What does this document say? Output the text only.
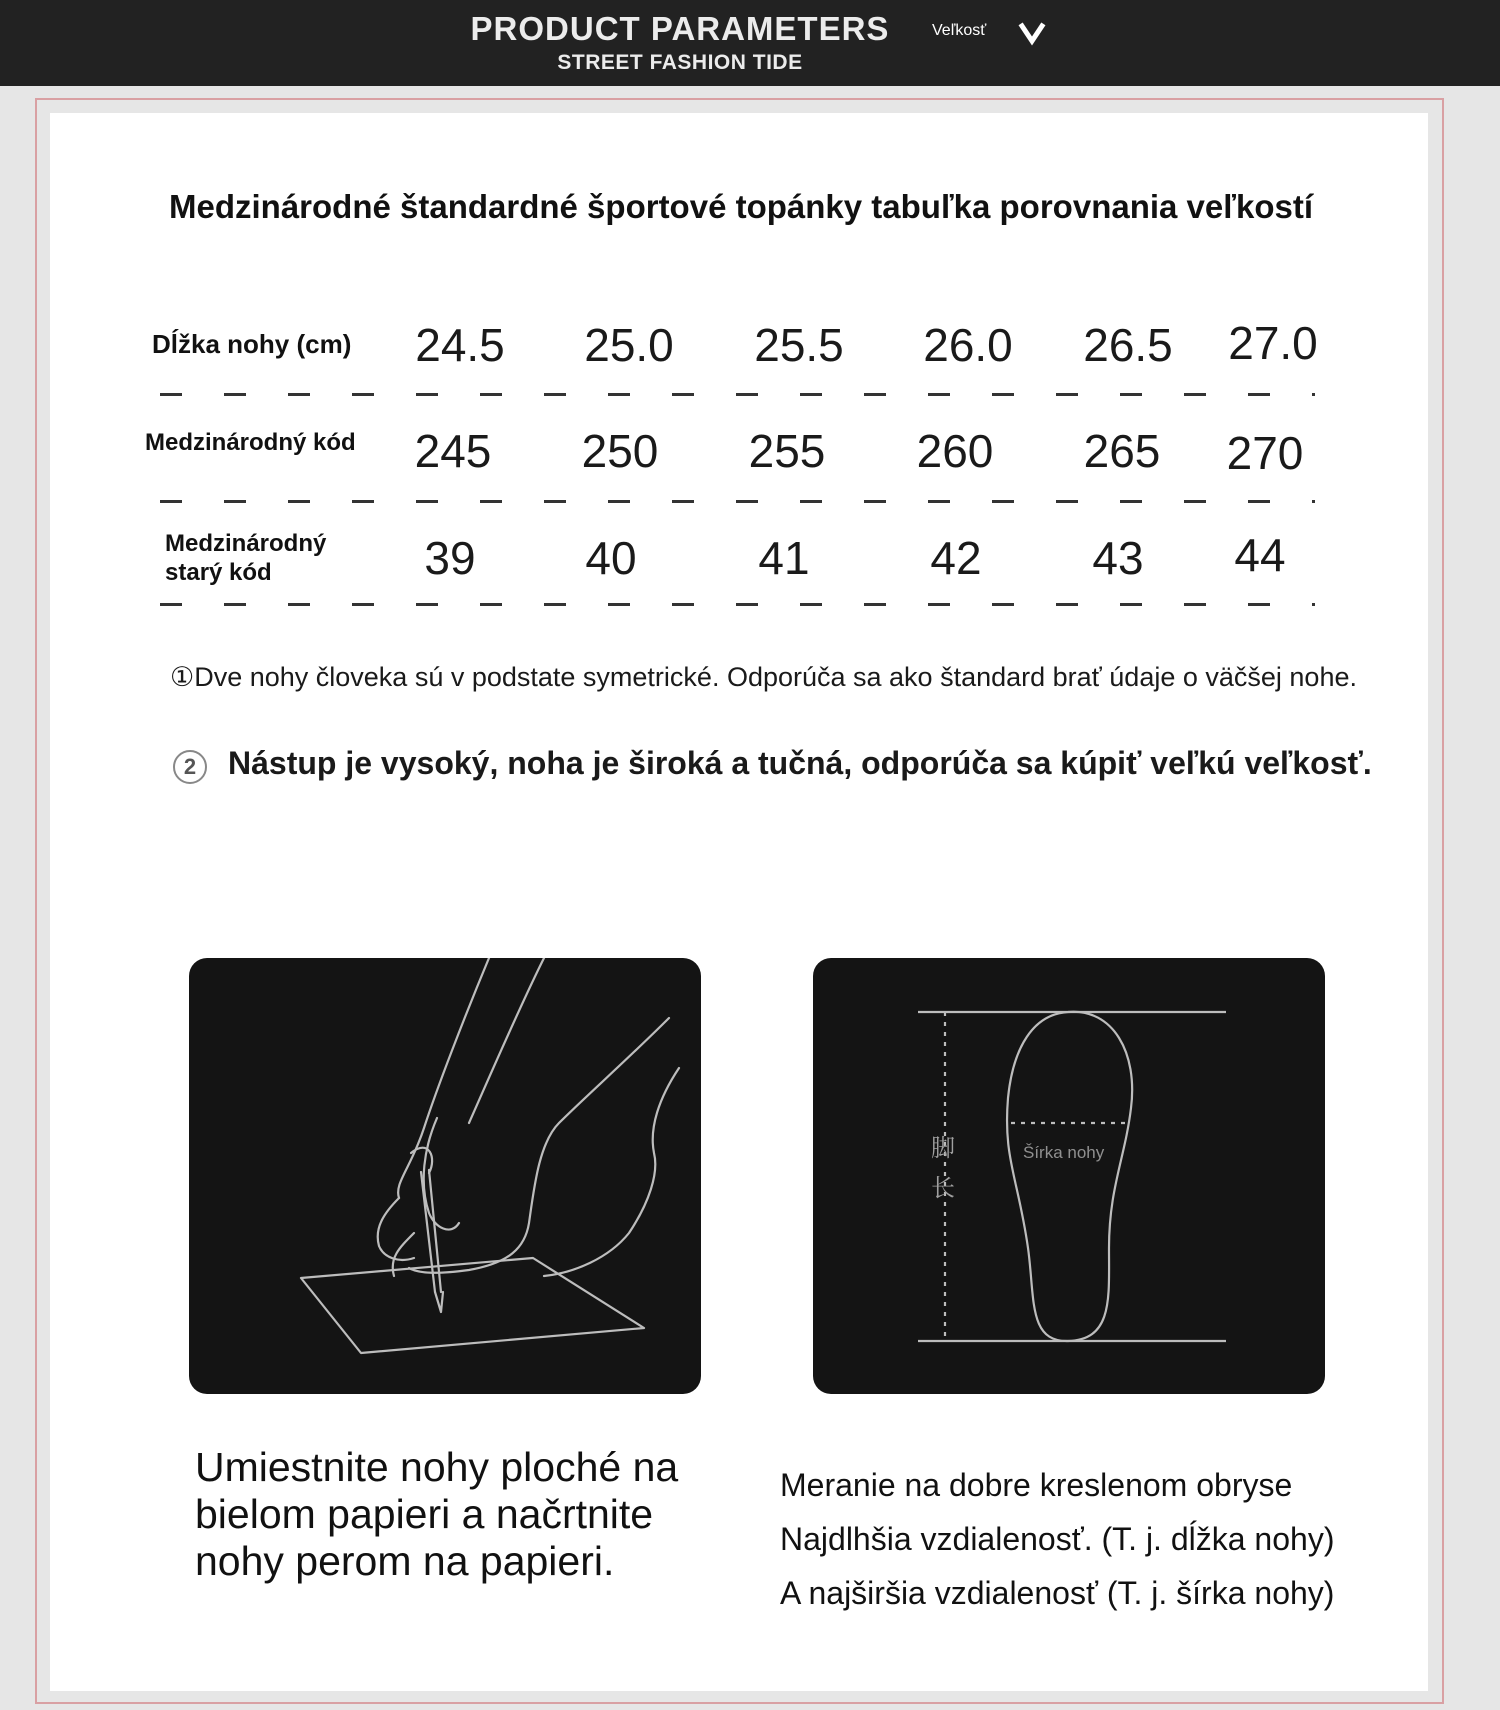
PRODUCT PARAMETERS
STREET FASHION TIDE
Veľkosť
Medzinárodné štandardné športové topánky tabuľka porovnania veľkostí
Dĺžka nohy (cm)	24.5	25.0	25.5	26.0	26.5	27.0
Medzinárodný kód	245	250	255	260	265	270
Medzinárodný
starý kód	39	40	41	42	43	44
①Dve nohy človeka sú v podstate symetrické. Odporúča sa ako štandard brať údaje o väčšej nohe.
2 Nástup je vysoký, noha je široká a tučná, odporúča sa kúpiť veľkú veľkosť.
脚
长
Šírka nohy
Umiestnite nohy ploché na
bielom papieri a načrtnite
nohy perom na papieri.
Meranie na dobre kreslenom obryse
Najdlhšia vzdialenosť. (T. j. dĺžka nohy)
A najširšia vzdialenosť (T. j. šírka nohy)
